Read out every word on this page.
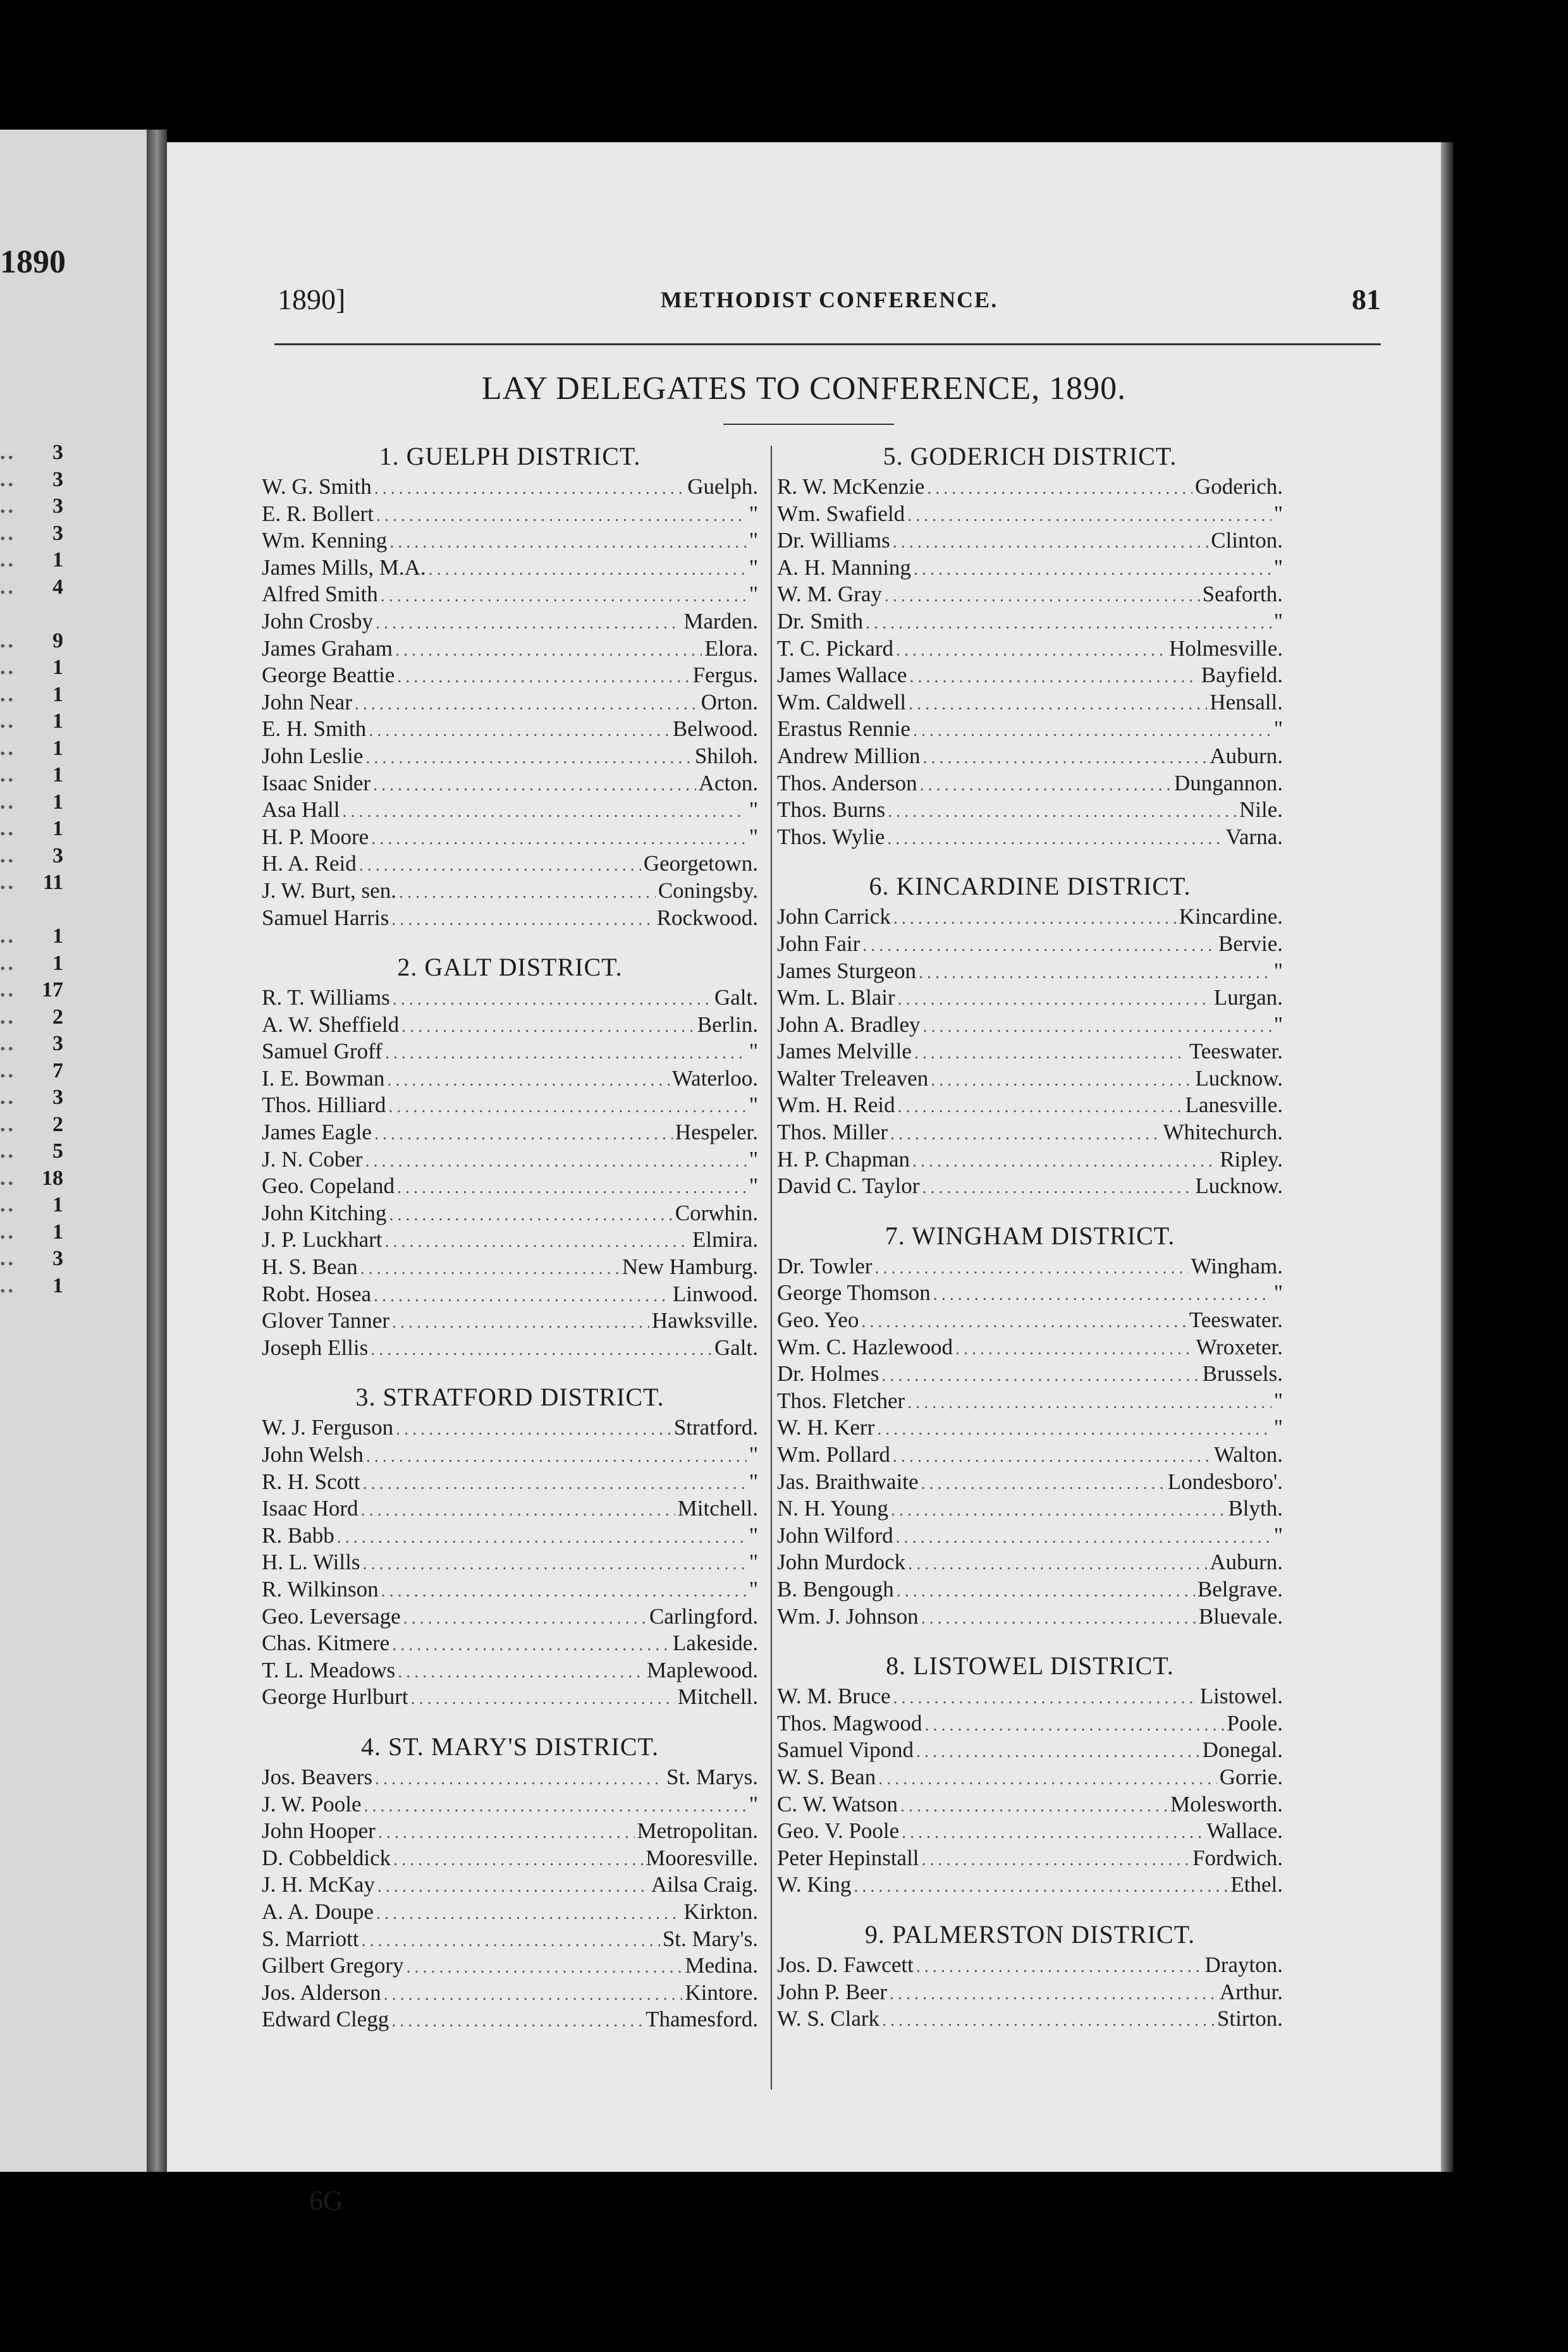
1890
.. 3
.. 3
.. 3
.. 3
.. 1
.. 4
.. 9
.. 1
.. 1
.. 1
.. 1
.. 1
.. 1
.. 1
.. 3
.. 11
.. 1
.. 1
.. 17
.. 2
.. 3
.. 7
.. 3
.. 2
.. 5
.. 18
.. 1
.. 1
.. 3
.. 1
1890]	METHODIST CONFERENCE.	81
LAY DELEGATES TO CONFERENCE, 1890.
1. GUELPH DISTRICT.
W. G. Smith .....	Guelph.
E. R. Bollert .....	"
Wm. Kenning .....	"
James Mills, M.A. .....	"
Alfred Smith .....	"
John Crosby .....	Marden.
James Graham .....	Elora.
George Beattie .....	Fergus.
John Near .....	Orton.
E. H. Smith .....	Belwood.
John Leslie .....	Shiloh.
Isaac Snider .....	Acton.
Asa Hall .....	"
H. P. Moore .....	"
H. A. Reid .....	Georgetown.
J. W. Burt, sen. .....	Coningsby.
Samuel Harris .....	Rockwood.
2. GALT DISTRICT.
R. T. Williams .....	Galt.
A. W. Sheffield .....	Berlin.
Samuel Groff .....	"
I. E. Bowman .....	Waterloo.
Thos. Hilliard .....	"
James Eagle .....	Hespeler.
J. N. Cober .....	"
Geo. Copeland .....	"
John Kitching .....	Corwhin.
J. P. Luckhart .....	Elmira.
H. S. Bean .....	New Hamburg.
Robt. Hosea .....	Linwood.
Glover Tanner .....	Hawksville.
Joseph Ellis .....	Galt.
3. STRATFORD DISTRICT.
W. J. Ferguson .....	Stratford.
John Welsh .....	"
R. H. Scott .....	"
Isaac Hord .....	Mitchell.
R. Babb .....	"
H. L. Wills .....	"
R. Wilkinson .....	"
Geo. Leversage .....	Carlingford.
Chas. Kitmere .....	Lakeside.
T. L. Meadows .....	Maplewood.
George Hurlburt .....	Mitchell.
4. ST. MARY'S DISTRICT.
Jos. Beavers .....	St. Marys.
J. W. Poole .....	"
John Hooper .....	Metropolitan.
D. Cobbeldick .....	Mooresville.
J. H. McKay .....	Ailsa Craig.
A. A. Doupe .....	Kirkton.
S. Marriott .....	St. Mary's.
Gilbert Gregory .....	Medina.
Jos. Alderson .....	Kintore.
Edward Clegg .....	Thamesford.
5. GODERICH DISTRICT.
R. W. McKenzie .....	Goderich.
Wm. Swafield .....	"
Dr. Williams .....	Clinton.
A. H. Manning .....	"
W. M. Gray .....	Seaforth.
Dr. Smith .....	"
T. C. Pickard .....	Holmesville.
James Wallace .....	Bayfield.
Wm. Caldwell .....	Hensall.
Erastus Rennie .....	"
Andrew Million .....	Auburn.
Thos. Anderson .....	Dungannon.
Thos. Burns .....	Nile.
Thos. Wylie .....	Varna.
6. KINCARDINE DISTRICT.
John Carrick .....	Kincardine.
John Fair .....	Bervie.
James Sturgeon .....	"
Wm. L. Blair .....	Lurgan.
John A. Bradley .....	"
James Melville .....	Teeswater.
Walter Treleaven .....	Lucknow.
Wm. H. Reid .....	Lanesville.
Thos. Miller .....	Whitechurch.
H. P. Chapman .....	Ripley.
David C. Taylor .....	Lucknow.
7. WINGHAM DISTRICT.
Dr. Towler .....	Wingham.
George Thomson .....	"
Geo. Yeo .....	Teeswater.
Wm. C. Hazlewood .....	Wroxeter.
Dr. Holmes .....	Brussels.
Thos. Fletcher .....	"
W. H. Kerr .....	"
Wm. Pollard .....	Walton.
Jas. Braithwaite .....	Londesboro'.
N. H. Young .....	Blyth.
John Wilford .....	"
John Murdock .....	Auburn.
B. Bengough .....	Belgrave.
Wm. J. Johnson .....	Bluevale.
8. LISTOWEL DISTRICT.
W. M. Bruce .....	Listowel.
Thos. Magwood .....	Poole.
Samuel Vipond .....	Donegal.
W. S. Bean .....	Gorrie.
C. W. Watson .....	Molesworth.
Geo. V. Poole .....	Wallace.
Peter Hepinstall .....	Fordwich.
W. King .....	Ethel.
9. PALMERSTON DISTRICT.
Jos. D. Fawcett .....	Drayton.
John P. Beer .....	Arthur.
W. S. Clark .....	Stirton.
6G
